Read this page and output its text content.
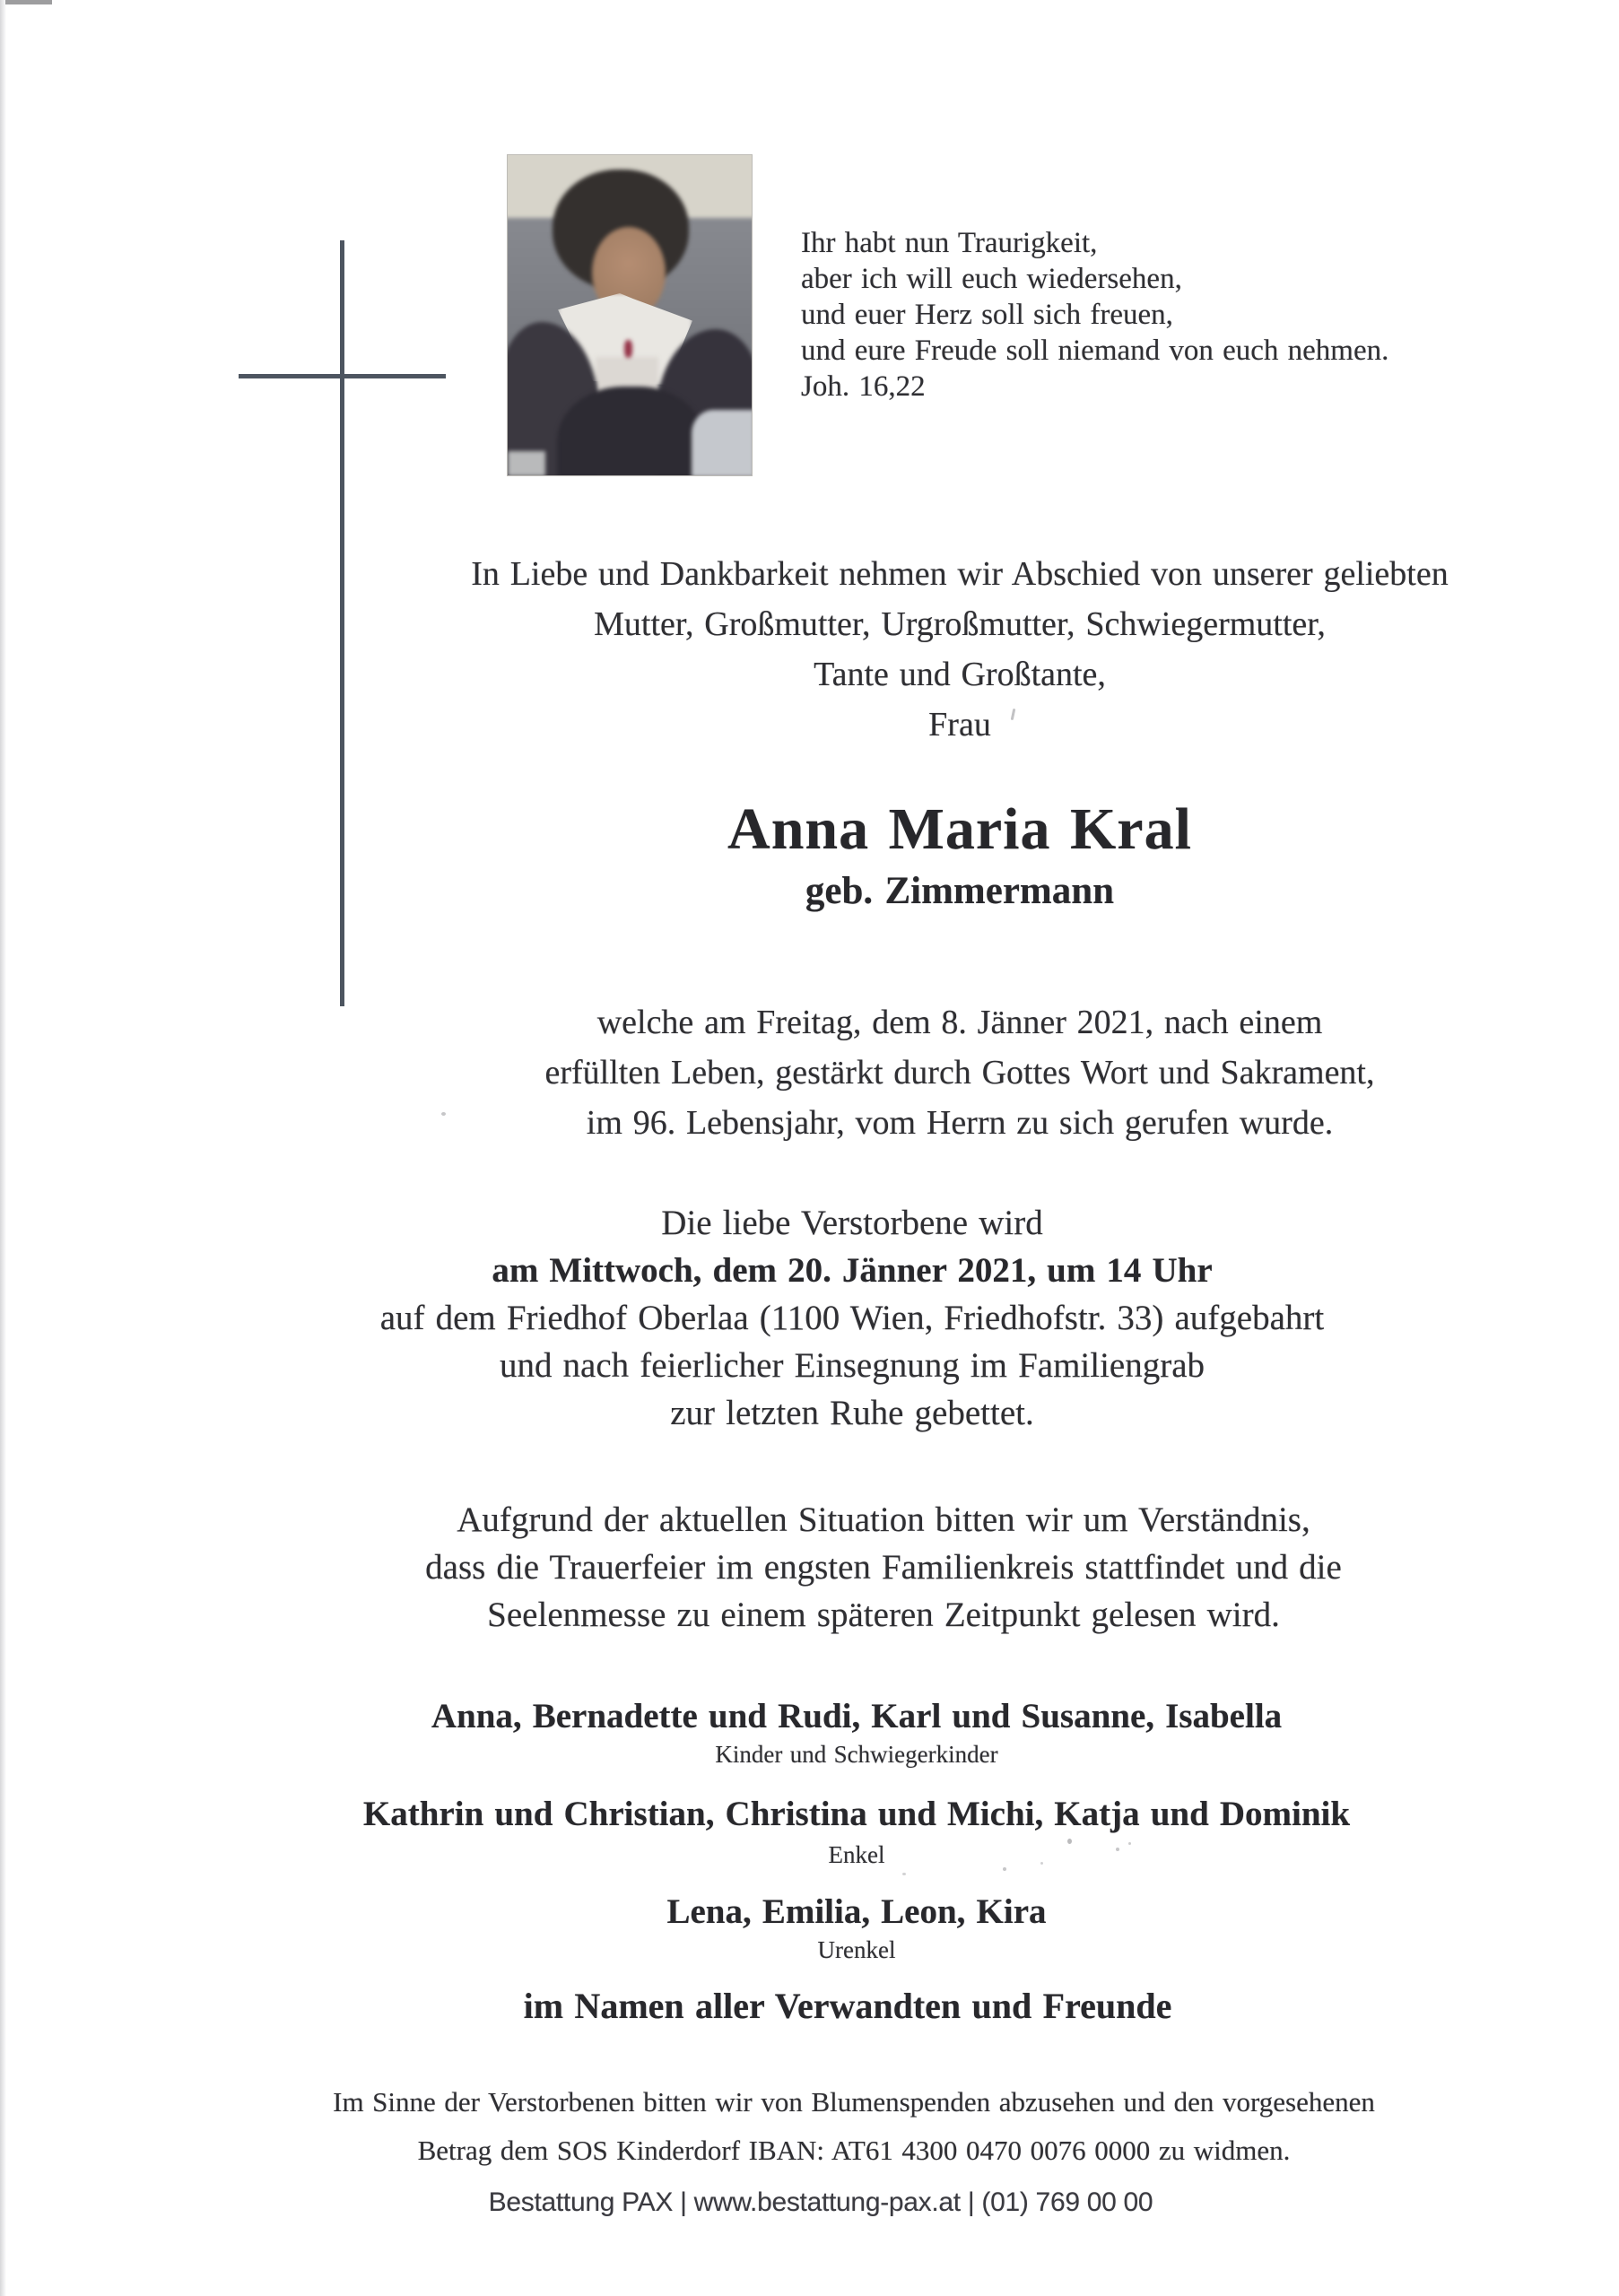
Ihr habt nun Traurigkeit,
aber ich will euch wiedersehen,
und euer Herz soll sich freuen,
und eure Freude soll niemand von euch nehmen.
Joh. 16,22
In Liebe und Dankbarkeit nehmen wir Abschied von unserer geliebten
Mutter, Großmutter, Urgroßmutter, Schwiegermutter,
Tante und Großtante,
Frau
Anna Maria Kral
geb. Zimmermann
welche am Freitag, dem 8. Jänner 2021, nach einem
erfüllten Leben, gestärkt durch Gottes Wort und Sakrament,
im 96. Lebensjahr, vom Herrn zu sich gerufen wurde.
Die liebe Verstorbene wird
am Mittwoch, dem 20. Jänner 2021, um 14 Uhr
auf dem Friedhof Oberlaa (1100 Wien, Friedhofstr. 33) aufgebahrt
und nach feierlicher Einsegnung im Familiengrab
zur letzten Ruhe gebettet.
Aufgrund der aktuellen Situation bitten wir um Verständnis,
dass die Trauerfeier im engsten Familienkreis stattfindet und die
Seelenmesse zu einem späteren Zeitpunkt gelesen wird.
Anna, Bernadette und Rudi, Karl und Susanne, Isabella
Kinder und Schwiegerkinder
Kathrin und Christian, Christina und Michi, Katja und Dominik
Enkel
Lena, Emilia, Leon, Kira
Urenkel
im Namen aller Verwandten und Freunde
Im Sinne der Verstorbenen bitten wir von Blumenspenden abzusehen und den vorgesehenen
Betrag dem SOS Kinderdorf IBAN: AT61 4300 0470 0076 0000 zu widmen.
Bestattung PAX | www.bestattung-pax.at | (01) 769 00 00
